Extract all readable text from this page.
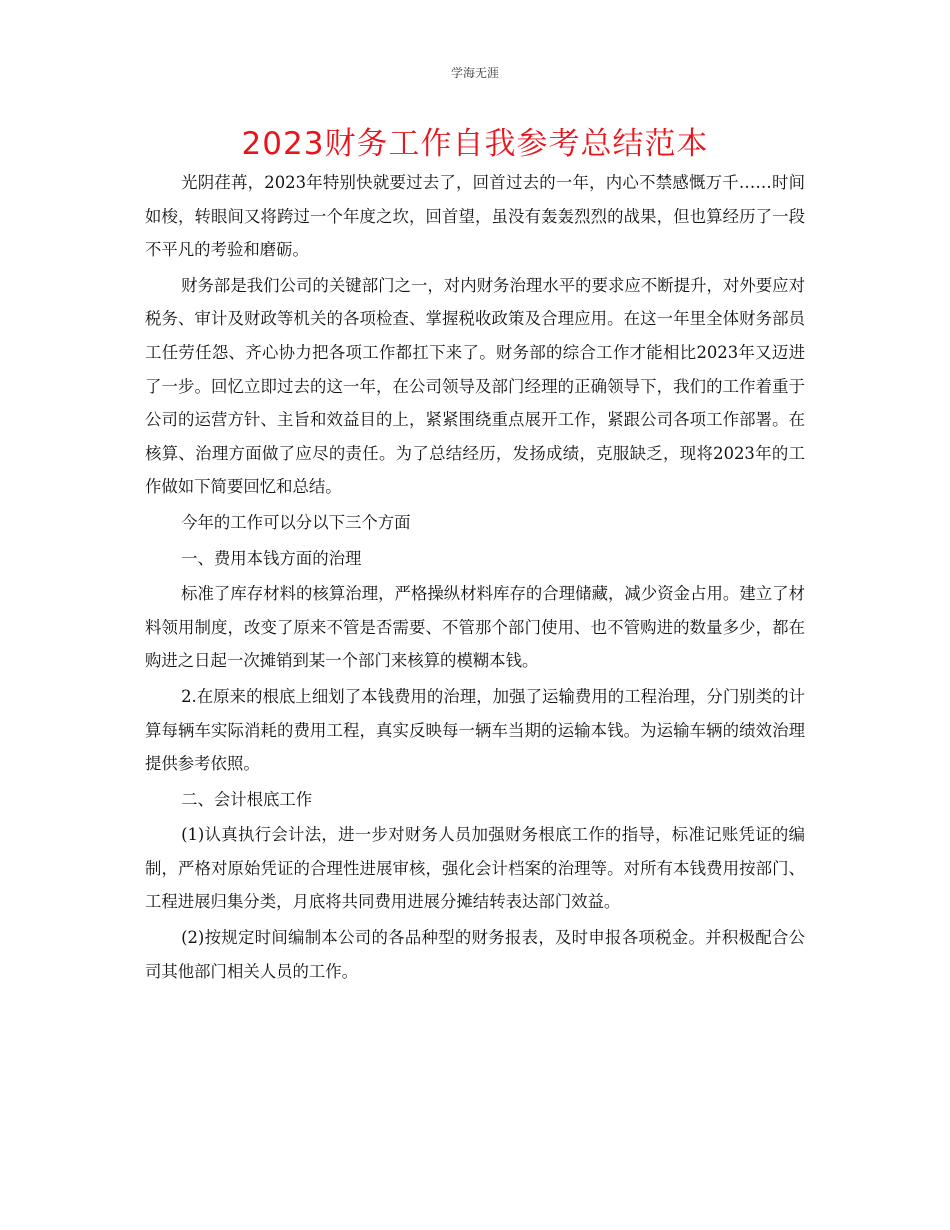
学海无涯
2023财务工作自我参考总结范本

光阴荏苒，2023年特别快就要过去了，回首过去的一年，内心不禁感慨万千……时间如梭，转眼间又将跨过一个年度之坎，回首望，虽没有轰轰烈烈的战果，但也算经历了一段不平凡的考验和磨砺。

财务部是我们公司的关键部门之一，对内财务治理水平的要求应不断提升，对外要应对税务、审计及财政等机关的各项检查、掌握税收政策及合理应用。在这一年里全体财务部员工任劳任怨、齐心协力把各项工作都扛下来了。财务部的综合工作才能相比2023年又迈进了一步。回忆立即过去的这一年，在公司领导及部门经理的正确领导下，我们的工作着重于公司的运营方针、主旨和效益目的上，紧紧围绕重点展开工作，紧跟公司各项工作部署。在核算、治理方面做了应尽的责任。为了总结经历，发扬成绩，克服缺乏，现将2023年的工作做如下简要回忆和总结。

今年的工作可以分以下三个方面

一、费用本钱方面的治理

标准了库存材料的核算治理，严格操纵材料库存的合理储藏，减少资金占用。建立了材料领用制度，改变了原来不管是否需要、不管那个部门使用、也不管购进的数量多少，都在购进之日起一次摊销到某一个部门来核算的模糊本钱。

2.在原来的根底上细划了本钱费用的治理，加强了运输费用的工程治理，分门别类的计算每辆车实际消耗的费用工程，真实反映每一辆车当期的运输本钱。为运输车辆的绩效治理提供参考依照。

二、会计根底工作

(1)认真执行会计法，进一步对财务人员加强财务根底工作的指导，标准记账凭证的编制，严格对原始凭证的合理性进展审核，强化会计档案的治理等。对所有本钱费用按部门、工程进展归集分类，月底将共同费用进展分摊结转表达部门效益。

(2)按规定时间编制本公司的各品种型的财务报表，及时申报各项税金。并积极配合公司其他部门相关人员的工作。
